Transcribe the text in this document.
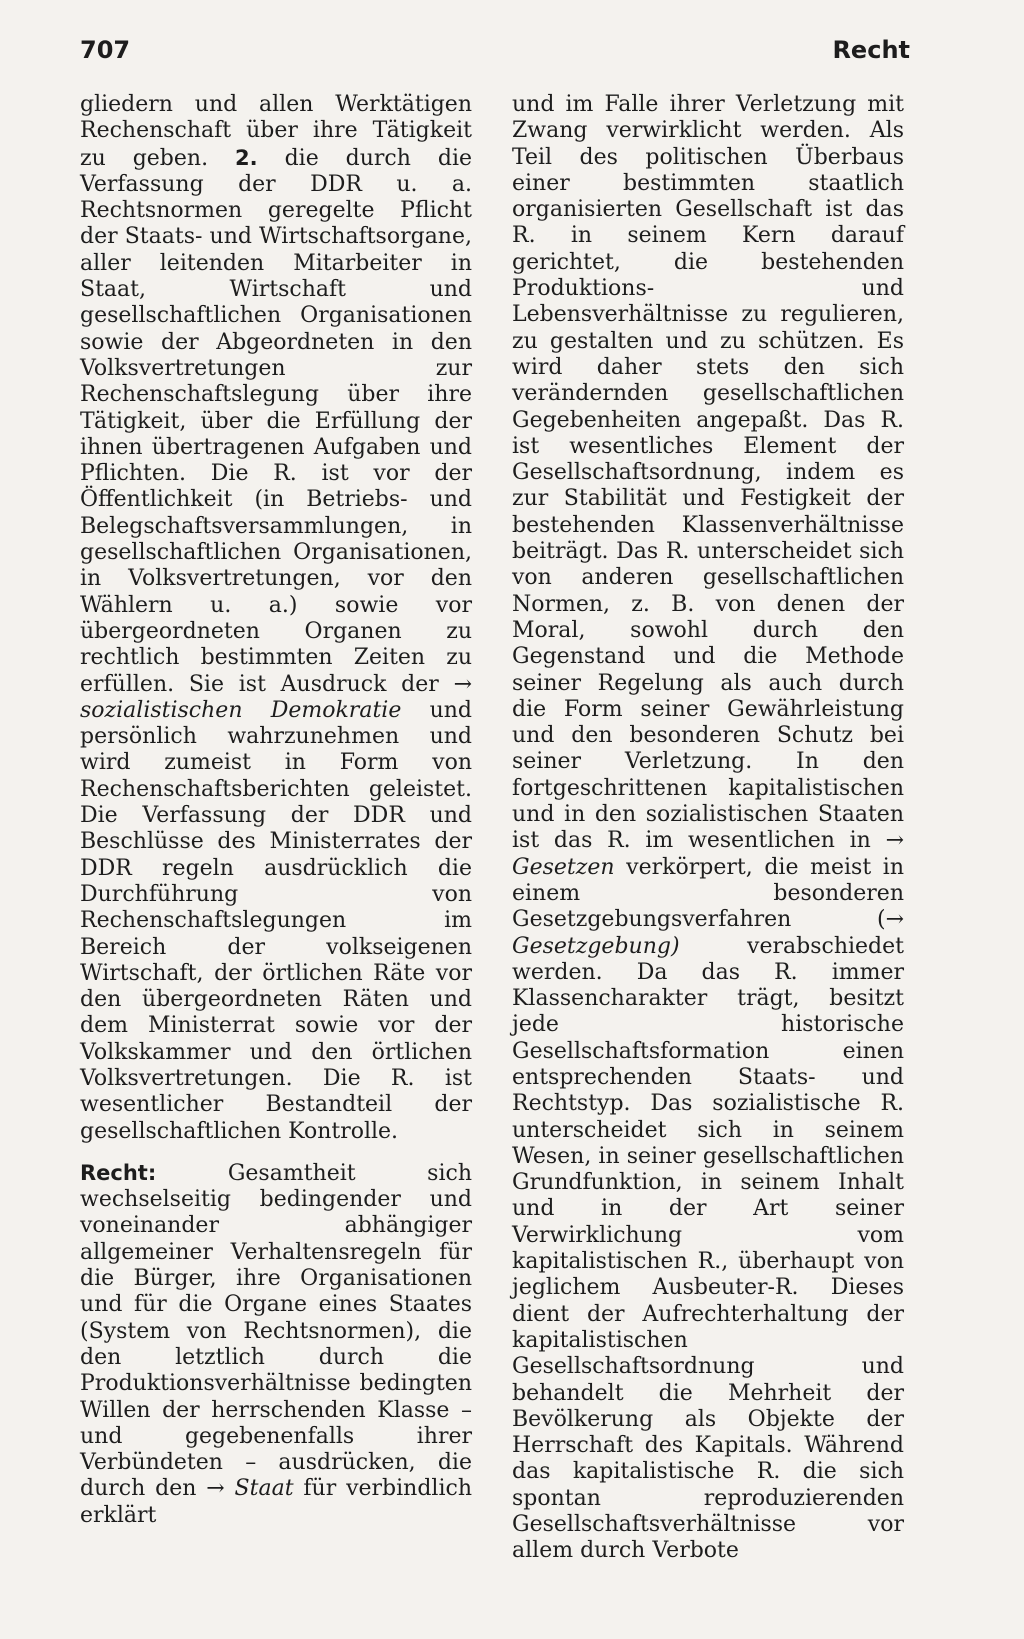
707	Recht

gliedern und allen Werktätigen Rechenschaft über ihre Tätigkeit zu geben. 2. die durch die Verfassung der DDR u. a. Rechtsnormen geregelte Pflicht der Staats- und Wirtschaftsorgane, aller leitenden Mitarbeiter in Staat, Wirtschaft und gesellschaftlichen Organisationen sowie der Abgeordneten in den Volksvertretungen zur Rechenschaftslegung über ihre Tätigkeit, über die Erfüllung der ihnen übertragenen Aufgaben und Pflichten. Die R. ist vor der Öffentlichkeit (in Betriebs- und Belegschaftsversammlungen, in gesellschaftlichen Organisationen, in Volksvertretungen, vor den Wählern u. a.) sowie vor übergeordneten Organen zu rechtlich bestimmten Zeiten zu erfüllen. Sie ist Ausdruck der → sozialistischen Demokratie und persönlich wahrzunehmen und wird zumeist in Form von Rechenschaftsberichten geleistet. Die Verfassung der DDR und Beschlüsse des Ministerrates der DDR regeln ausdrücklich die Durchführung von Rechenschaftslegungen im Bereich der volkseigenen Wirtschaft, der örtlichen Räte vor den übergeordneten Räten und dem Ministerrat sowie vor der Volkskammer und den örtlichen Volksvertretungen. Die R. ist wesentlicher Bestandteil der gesellschaftlichen Kontrolle.

Recht: Gesamtheit sich wechselseitig bedingender und voneinander abhängiger allgemeiner Verhaltensregeln für die Bürger, ihre Organisationen und für die Organe eines Staates (System von Rechtsnormen), die den letztlich durch die Produktionsverhältnisse bedingten Willen der herrschenden Klasse – und gegebenenfalls ihrer Verbündeten – ausdrücken, die durch den → Staat für verbindlich erklärt

und im Falle ihrer Verletzung mit Zwang verwirklicht werden. Als Teil des politischen Überbaus einer bestimmten staatlich organisierten Gesellschaft ist das R. in seinem Kern darauf gerichtet, die bestehenden Produktions- und Lebensverhältnisse zu regulieren, zu gestalten und zu schützen. Es wird daher stets den sich verändernden gesellschaftlichen Gegebenheiten angepaßt. Das R. ist wesentliches Element der Gesellschaftsordnung, indem es zur Stabilität und Festigkeit der bestehenden Klassenverhältnisse beiträgt. Das R. unterscheidet sich von anderen gesellschaftlichen Normen, z. B. von denen der Moral, sowohl durch den Gegenstand und die Methode seiner Regelung als auch durch die Form seiner Gewährleistung und den besonderen Schutz bei seiner Verletzung. In den fortgeschrittenen kapitalistischen und in den sozialistischen Staaten ist das R. im wesentlichen in → Gesetzen verkörpert, die meist in einem besonderen Gesetzgebungsverfahren (→ Gesetzgebung) verabschiedet werden. Da das R. immer Klassencharakter trägt, besitzt jede historische Gesellschaftsformation einen entsprechenden Staats- und Rechtstyp. Das sozialistische R. unterscheidet sich in seinem Wesen, in seiner gesellschaftlichen Grundfunktion, in seinem Inhalt und in der Art seiner Verwirklichung vom kapitalistischen R., überhaupt von jeglichem Ausbeuter-R. Dieses dient der Aufrechterhaltung der kapitalistischen Gesellschaftsordnung und behandelt die Mehrheit der Bevölkerung als Objekte der Herrschaft des Kapitals. Während das kapitalistische R. die sich spontan reproduzierenden Gesellschaftsverhältnisse vor allem durch Verbote
